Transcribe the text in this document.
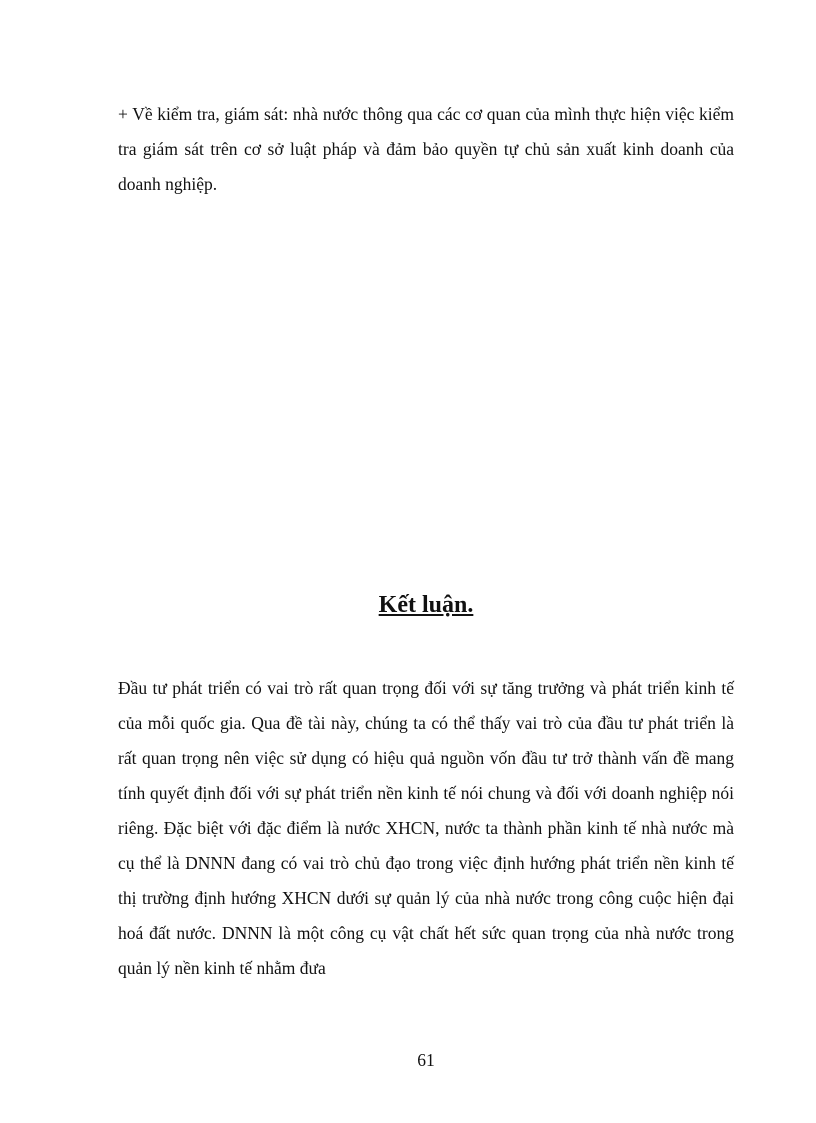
+ Về kiểm tra, giám sát: nhà nước thông qua các cơ quan của mình thực hiện việc kiểm tra giám sát trên cơ sở luật pháp và đảm bảo quyền tự chủ sản xuất kinh doanh của doanh nghiệp.

Kết luận.

Đầu tư phát triển có vai trò rất quan trọng đối với sự tăng trưởng và phát triển kinh tế của mỗi quốc gia. Qua đề tài này, chúng ta có thể thấy vai trò của đầu tư phát triển là rất quan trọng nên việc sử dụng có hiệu quả nguồn vốn đầu tư trở thành vấn đề mang tính quyết định đối với sự phát triển nền kinh tế nói chung và đối với doanh nghiệp nói riêng. Đặc biệt với đặc điểm là nước XHCN, nước ta thành phần kinh tế nhà nước mà cụ thể là DNNN đang có vai trò chủ đạo trong việc định hướng phát triển nền kinh tế thị trường định hướng XHCN dưới sự quản lý của nhà nước trong công cuộc hiện đại hoá đất nước. DNNN là một công cụ vật chất hết sức quan trọng của nhà nước trong quản lý nền kinh tế nhằm đưa

61
